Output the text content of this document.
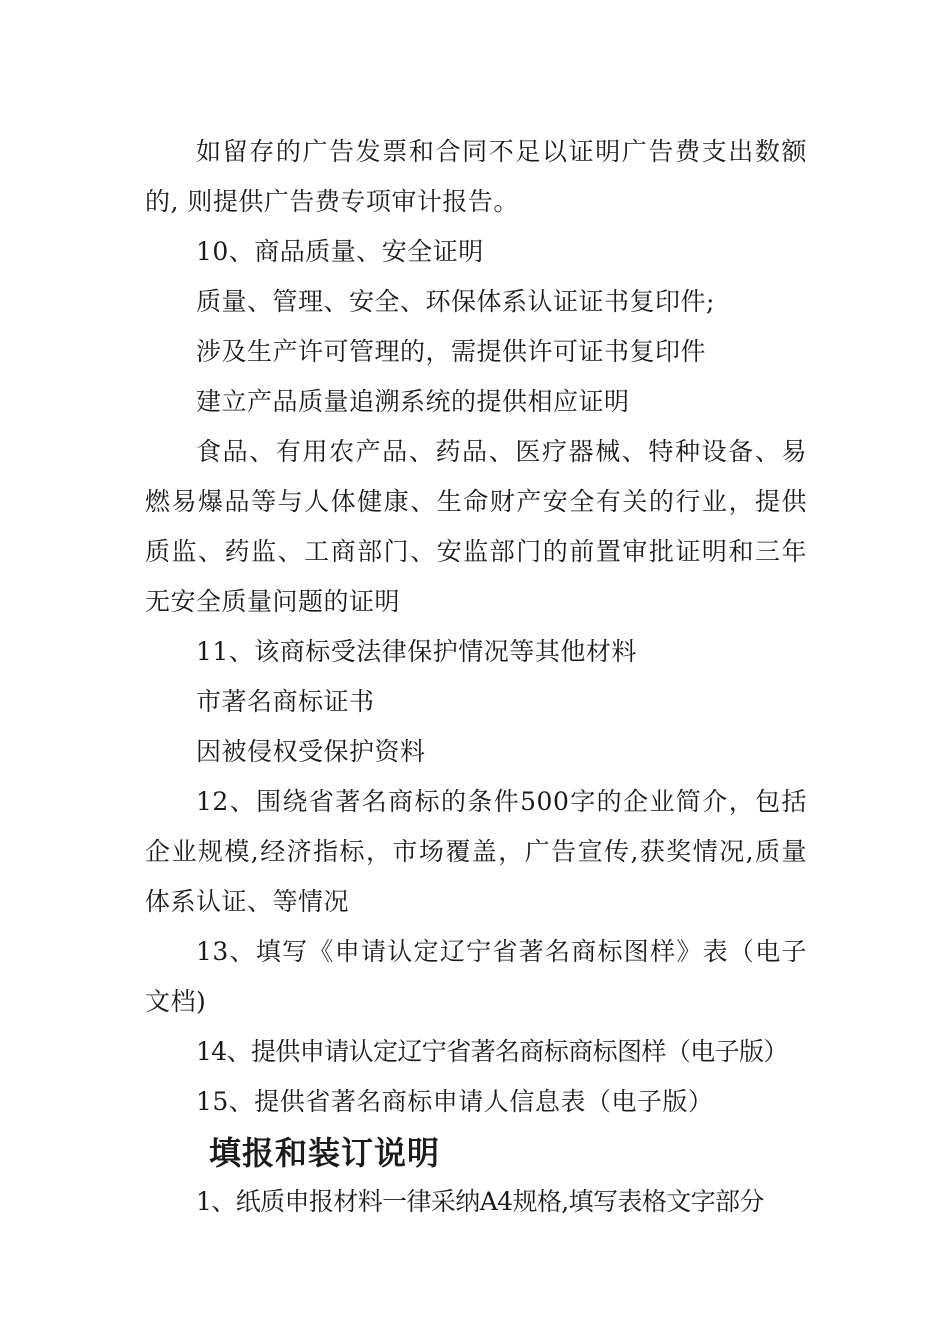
如留存的广告发票和合同不足以证明广告费支出数额的, 则提供广告费专项审计报告。

10、商品质量、安全证明

质量、管理、安全、环保体系认证证书复印件;

涉及生产许可管理的，需提供许可证书复印件

建立产品质量追溯系统的提供相应证明

食品、有用农产品、药品、医疗器械、特种设备、易燃易爆品等与人体健康、生命财产安全有关的行业，提供质监、药监、工商部门、安监部门的前置审批证明和三年无安全质量问题的证明

11、该商标受法律保护情况等其他材料

市著名商标证书

因被侵权受保护资料

12、围绕省著名商标的条件500字的企业简介，包括企业规模,经济指标，市场覆盖，广告宣传,获奖情况,质量体系认证、等情况

13、填写《申请认定辽宁省著名商标图样》表（电子文档)

14、提供申请认定辽宁省著名商标商标图样（电子版）

15、提供省著名商标申请人信息表（电子版）

填报和装订说明

1、纸质申报材料一律采纳A4规格,填写表格文字部分
